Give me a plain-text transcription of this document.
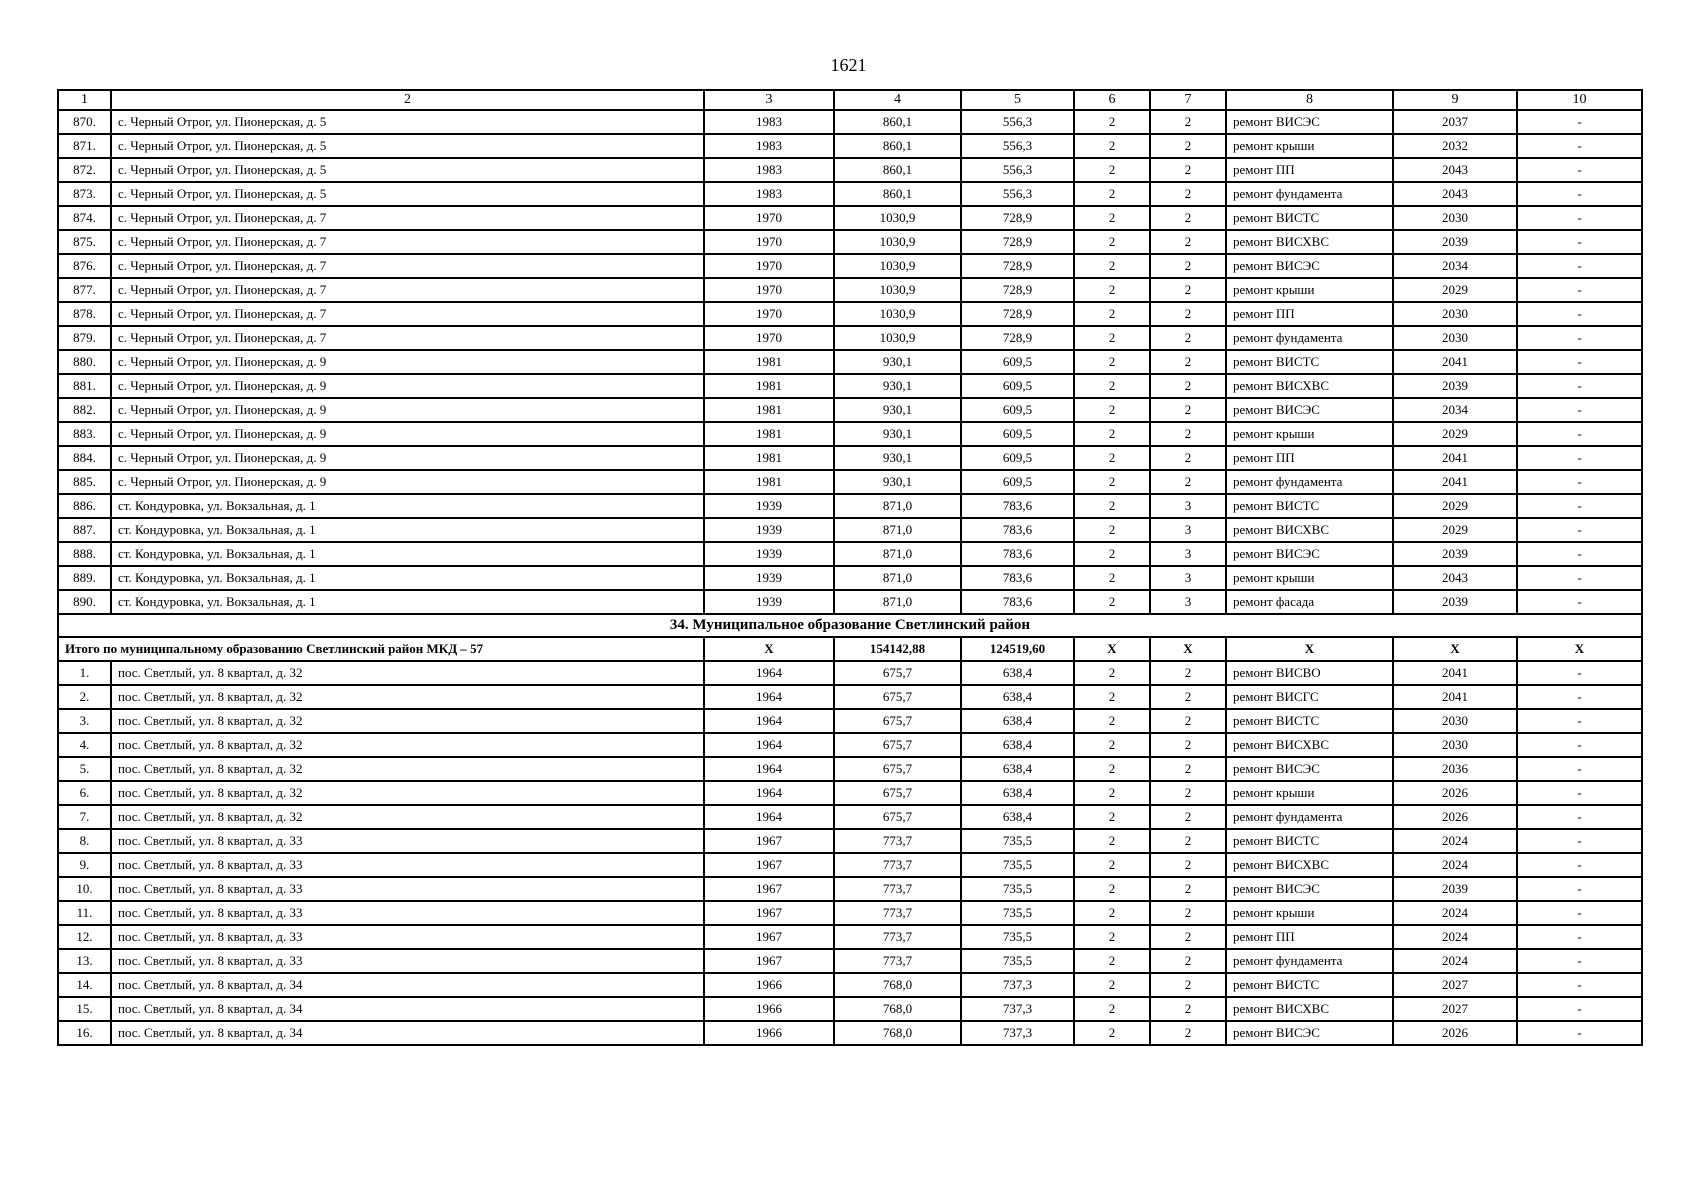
1621
1	2	3	4	5	6	7	8	9	10
870.	с. Черный Отрог, ул. Пионерская, д. 5	1983	860,1	556,3	2	2	ремонт ВИСЭС	2037	-
871.	с. Черный Отрог, ул. Пионерская, д. 5	1983	860,1	556,3	2	2	ремонт крыши	2032	-
872.	с. Черный Отрог, ул. Пионерская, д. 5	1983	860,1	556,3	2	2	ремонт ПП	2043	-
873.	с. Черный Отрог, ул. Пионерская, д. 5	1983	860,1	556,3	2	2	ремонт фундамента	2043	-
874.	с. Черный Отрог, ул. Пионерская, д. 7	1970	1030,9	728,9	2	2	ремонт ВИСТС	2030	-
875.	с. Черный Отрог, ул. Пионерская, д. 7	1970	1030,9	728,9	2	2	ремонт ВИСХВС	2039	-
876.	с. Черный Отрог, ул. Пионерская, д. 7	1970	1030,9	728,9	2	2	ремонт ВИСЭС	2034	-
877.	с. Черный Отрог, ул. Пионерская, д. 7	1970	1030,9	728,9	2	2	ремонт крыши	2029	-
878.	с. Черный Отрог, ул. Пионерская, д. 7	1970	1030,9	728,9	2	2	ремонт ПП	2030	-
879.	с. Черный Отрог, ул. Пионерская, д. 7	1970	1030,9	728,9	2	2	ремонт фундамента	2030	-
880.	с. Черный Отрог, ул. Пионерская, д. 9	1981	930,1	609,5	2	2	ремонт ВИСТС	2041	-
881.	с. Черный Отрог, ул. Пионерская, д. 9	1981	930,1	609,5	2	2	ремонт ВИСХВС	2039	-
882.	с. Черный Отрог, ул. Пионерская, д. 9	1981	930,1	609,5	2	2	ремонт ВИСЭС	2034	-
883.	с. Черный Отрог, ул. Пионерская, д. 9	1981	930,1	609,5	2	2	ремонт крыши	2029	-
884.	с. Черный Отрог, ул. Пионерская, д. 9	1981	930,1	609,5	2	2	ремонт ПП	2041	-
885.	с. Черный Отрог, ул. Пионерская, д. 9	1981	930,1	609,5	2	2	ремонт фундамента	2041	-
886.	ст. Кондуровка, ул. Вокзальная, д. 1	1939	871,0	783,6	2	3	ремонт ВИСТС	2029	-
887.	ст. Кондуровка, ул. Вокзальная, д. 1	1939	871,0	783,6	2	3	ремонт ВИСХВС	2029	-
888.	ст. Кондуровка, ул. Вокзальная, д. 1	1939	871,0	783,6	2	3	ремонт ВИСЭС	2039	-
889.	ст. Кондуровка, ул. Вокзальная, д. 1	1939	871,0	783,6	2	3	ремонт крыши	2043	-
890.	ст. Кондуровка, ул. Вокзальная, д. 1	1939	871,0	783,6	2	3	ремонт фасада	2039	-
34. Муниципальное образование Светлинский район									
Итого по муниципальному образованию Светлинский район МКД – 57		X	154142,88	124519,60	X	X	X	X	X
1.	пос. Светлый, ул. 8 квартал, д. 32	1964	675,7	638,4	2	2	ремонт ВИСВО	2041	-
2.	пос. Светлый, ул. 8 квартал, д. 32	1964	675,7	638,4	2	2	ремонт ВИСГС	2041	-
3.	пос. Светлый, ул. 8 квартал, д. 32	1964	675,7	638,4	2	2	ремонт ВИСТС	2030	-
4.	пос. Светлый, ул. 8 квартал, д. 32	1964	675,7	638,4	2	2	ремонт ВИСХВС	2030	-
5.	пос. Светлый, ул. 8 квартал, д. 32	1964	675,7	638,4	2	2	ремонт ВИСЭС	2036	-
6.	пос. Светлый, ул. 8 квартал, д. 32	1964	675,7	638,4	2	2	ремонт крыши	2026	-
7.	пос. Светлый, ул. 8 квартал, д. 32	1964	675,7	638,4	2	2	ремонт фундамента	2026	-
8.	пос. Светлый, ул. 8 квартал, д. 33	1967	773,7	735,5	2	2	ремонт ВИСТС	2024	-
9.	пос. Светлый, ул. 8 квартал, д. 33	1967	773,7	735,5	2	2	ремонт ВИСХВС	2024	-
10.	пос. Светлый, ул. 8 квартал, д. 33	1967	773,7	735,5	2	2	ремонт ВИСЭС	2039	-
11.	пос. Светлый, ул. 8 квартал, д. 33	1967	773,7	735,5	2	2	ремонт крыши	2024	-
12.	пос. Светлый, ул. 8 квартал, д. 33	1967	773,7	735,5	2	2	ремонт ПП	2024	-
13.	пос. Светлый, ул. 8 квартал, д. 33	1967	773,7	735,5	2	2	ремонт фундамента	2024	-
14.	пос. Светлый, ул. 8 квартал, д. 34	1966	768,0	737,3	2	2	ремонт ВИСТС	2027	-
15.	пос. Светлый, ул. 8 квартал, д. 34	1966	768,0	737,3	2	2	ремонт ВИСХВС	2027	-
16.	пос. Светлый, ул. 8 квартал, д. 34	1966	768,0	737,3	2	2	ремонт ВИСЭС	2026	-
